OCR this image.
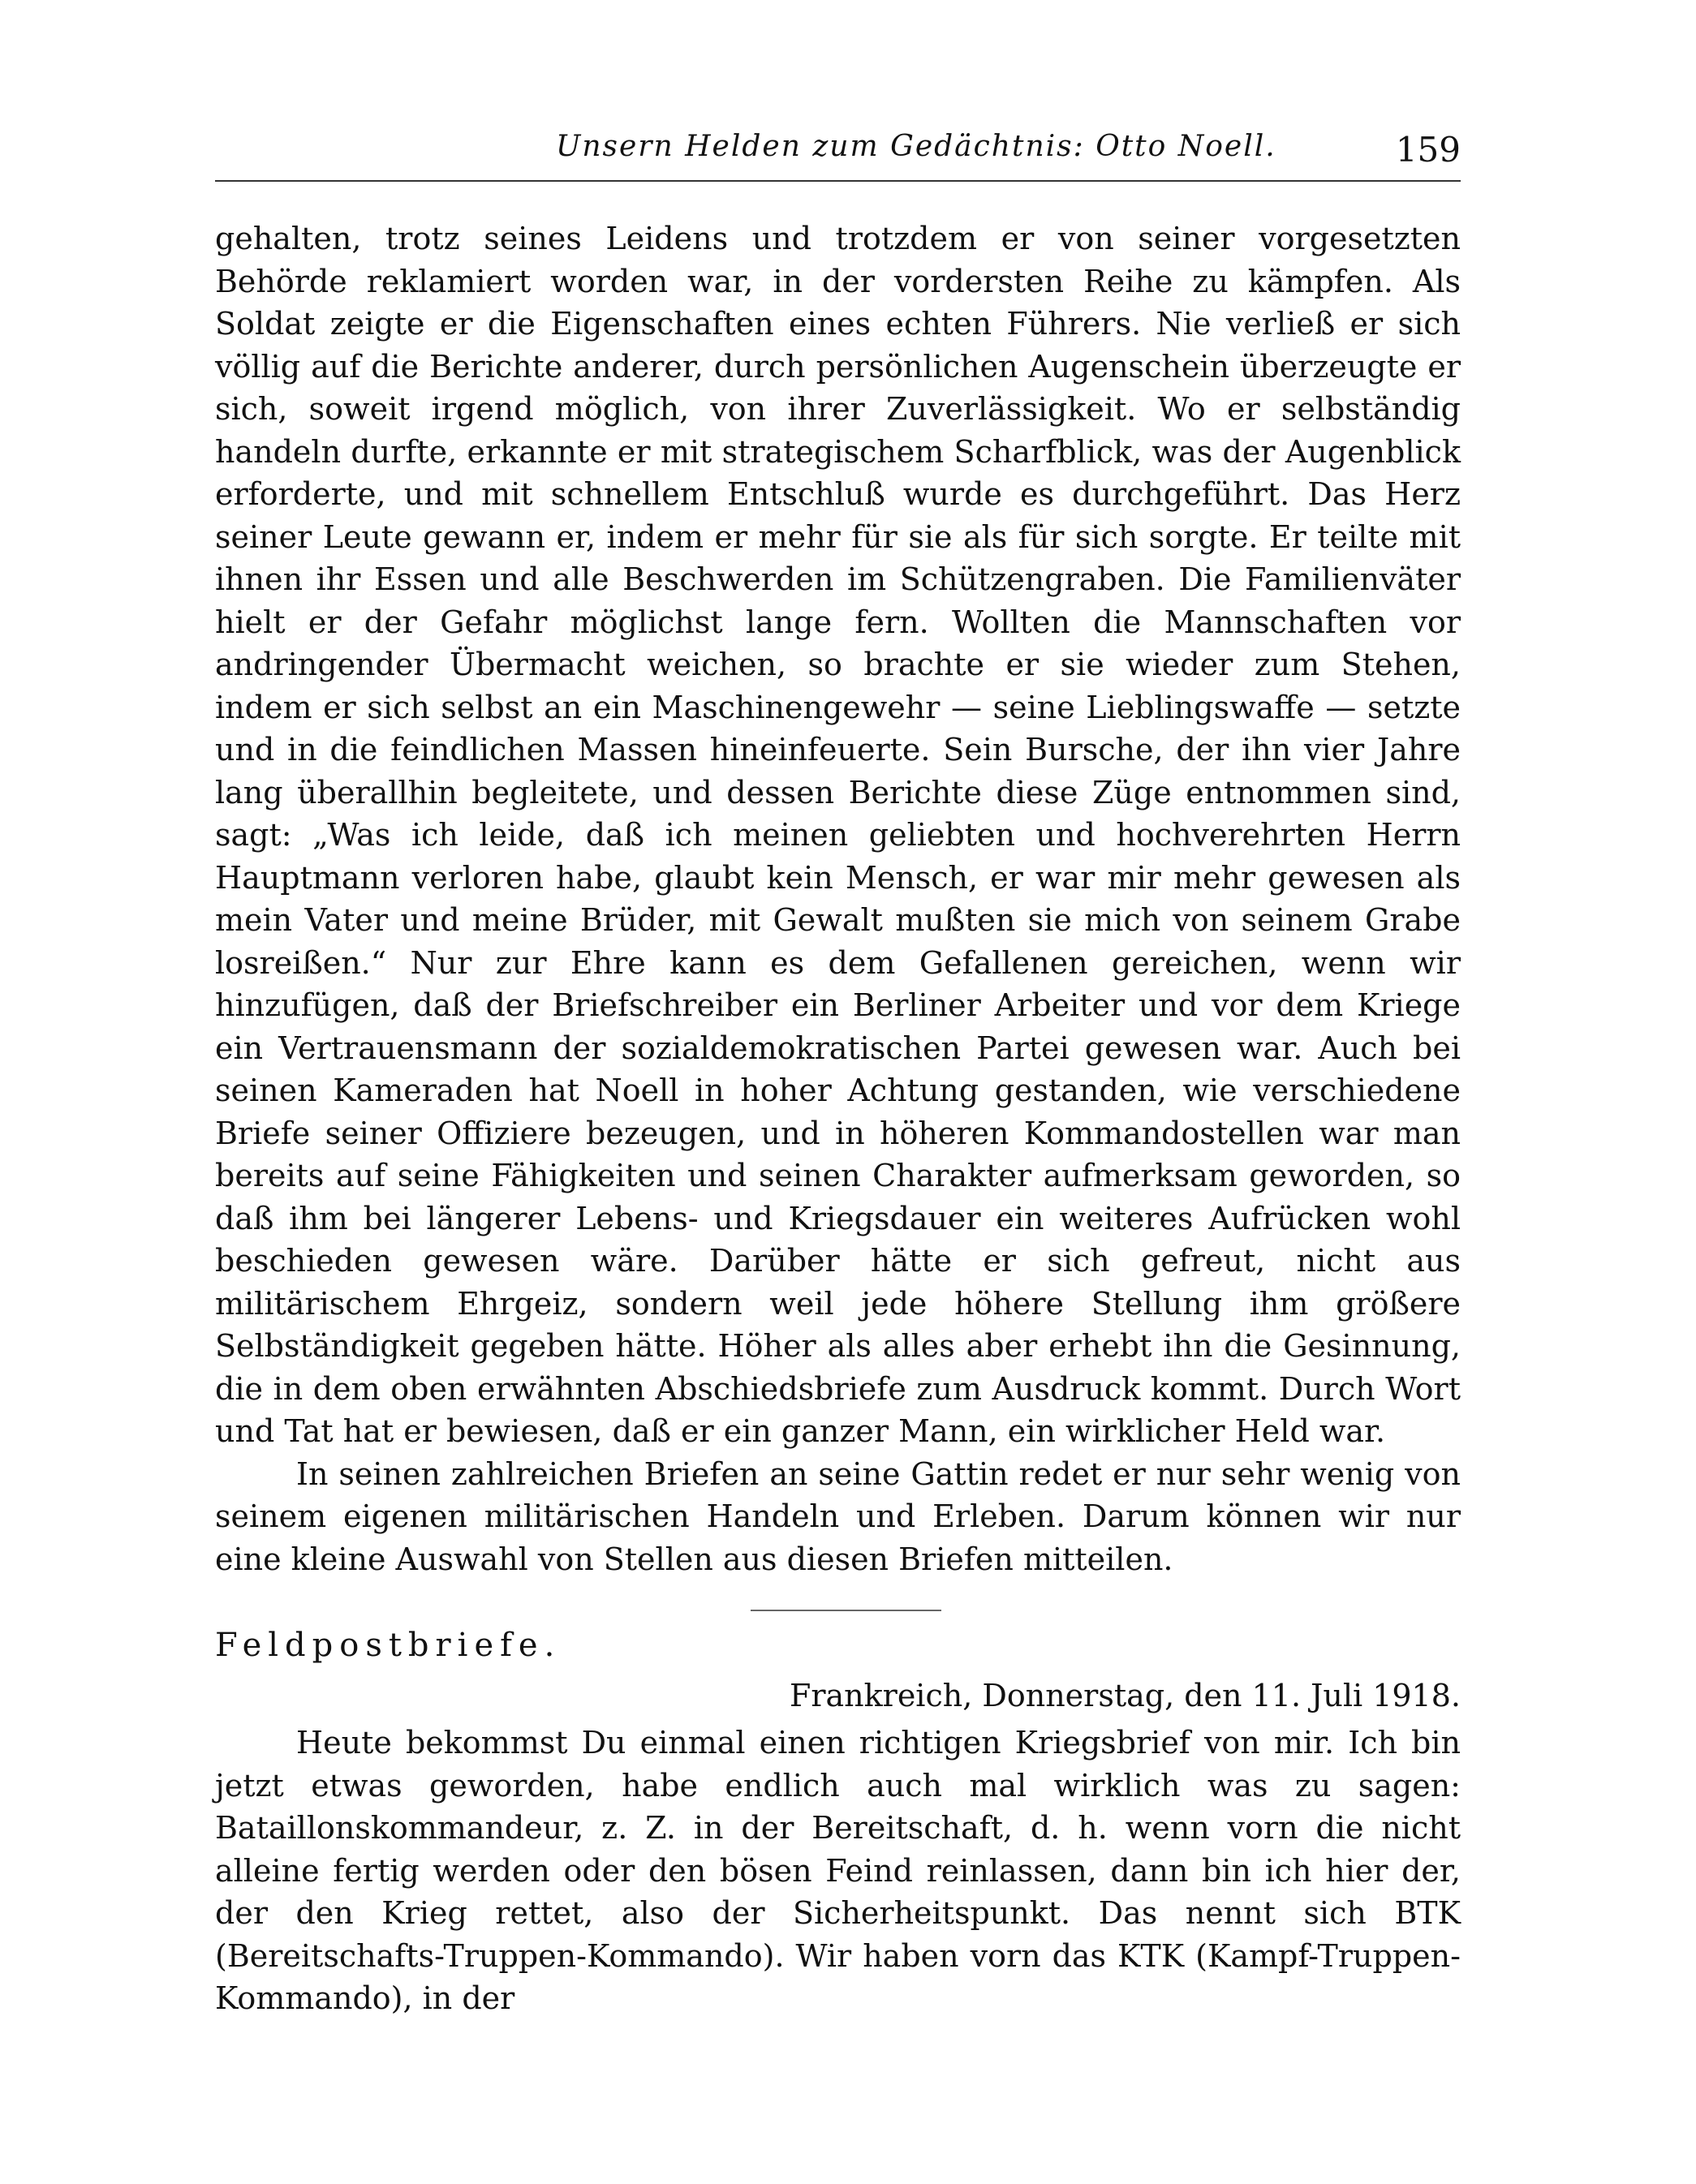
Unsern Helden zum Gedächtnis: Otto Noell.	159

gehalten, trotz seines Leidens und trotzdem er von seiner vorgesetzten Behörde reklamiert worden war, in der vordersten Reihe zu kämpfen. Als Soldat zeigte er die Eigenschaften eines echten Führers. Nie verließ er sich völlig auf die Berichte anderer, durch persönlichen Augenschein überzeugte er sich, soweit irgend möglich, von ihrer Zuverlässigkeit. Wo er selbständig handeln durfte, erkannte er mit strategischem Scharfblick, was der Augenblick erforderte, und mit schnellem Entschluß wurde es durchgeführt. Das Herz seiner Leute gewann er, indem er mehr für sie als für sich sorgte. Er teilte mit ihnen ihr Essen und alle Beschwerden im Schützengraben. Die Familienväter hielt er der Gefahr möglichst lange fern. Wollten die Mannschaften vor andringender Übermacht weichen, so brachte er sie wieder zum Stehen, indem er sich selbst an ein Maschinengewehr — seine Lieblingswaffe — setzte und in die feindlichen Massen hineinfeuerte. Sein Bursche, der ihn vier Jahre lang überallhin begleitete, und dessen Berichte diese Züge entnommen sind, sagt: „Was ich leide, daß ich meinen geliebten und hochverehrten Herrn Hauptmann verloren habe, glaubt kein Mensch, er war mir mehr gewesen als mein Vater und meine Brüder, mit Gewalt mußten sie mich von seinem Grabe losreißen.“ Nur zur Ehre kann es dem Gefallenen gereichen, wenn wir hinzufügen, daß der Briefschreiber ein Berliner Arbeiter und vor dem Kriege ein Vertrauensmann der sozialdemokratischen Partei gewesen war. Auch bei seinen Kameraden hat Noell in hoher Achtung gestanden, wie verschiedene Briefe seiner Offiziere bezeugen, und in höheren Kommandostellen war man bereits auf seine Fähigkeiten und seinen Charakter aufmerksam geworden, so daß ihm bei längerer Lebens- und Kriegsdauer ein weiteres Aufrücken wohl beschieden gewesen wäre. Darüber hätte er sich gefreut, nicht aus militärischem Ehrgeiz, sondern weil jede höhere Stellung ihm größere Selbständigkeit gegeben hätte. Höher als alles aber erhebt ihn die Gesinnung, die in dem oben erwähnten Abschiedsbriefe zum Ausdruck kommt. Durch Wort und Tat hat er bewiesen, daß er ein ganzer Mann, ein wirklicher Held war.

In seinen zahlreichen Briefen an seine Gattin redet er nur sehr wenig von seinem eigenen militärischen Handeln und Erleben. Darum können wir nur eine kleine Auswahl von Stellen aus diesen Briefen mitteilen.

Feldpostbriefe.
Frankreich, Donnerstag, den 11. Juli 1918.

Heute bekommst Du einmal einen richtigen Kriegsbrief von mir. Ich bin jetzt etwas geworden, habe endlich auch mal wirklich was zu sagen: Bataillonskommandeur, z. Z. in der Bereitschaft, d. h. wenn vorn die nicht alleine fertig werden oder den bösen Feind reinlassen, dann bin ich hier der, der den Krieg rettet, also der Sicherheitspunkt. Das nennt sich BTK (Bereitschafts-Truppen-Kommando). Wir haben vorn das KTK (Kampf-Truppen-Kommando), in der
